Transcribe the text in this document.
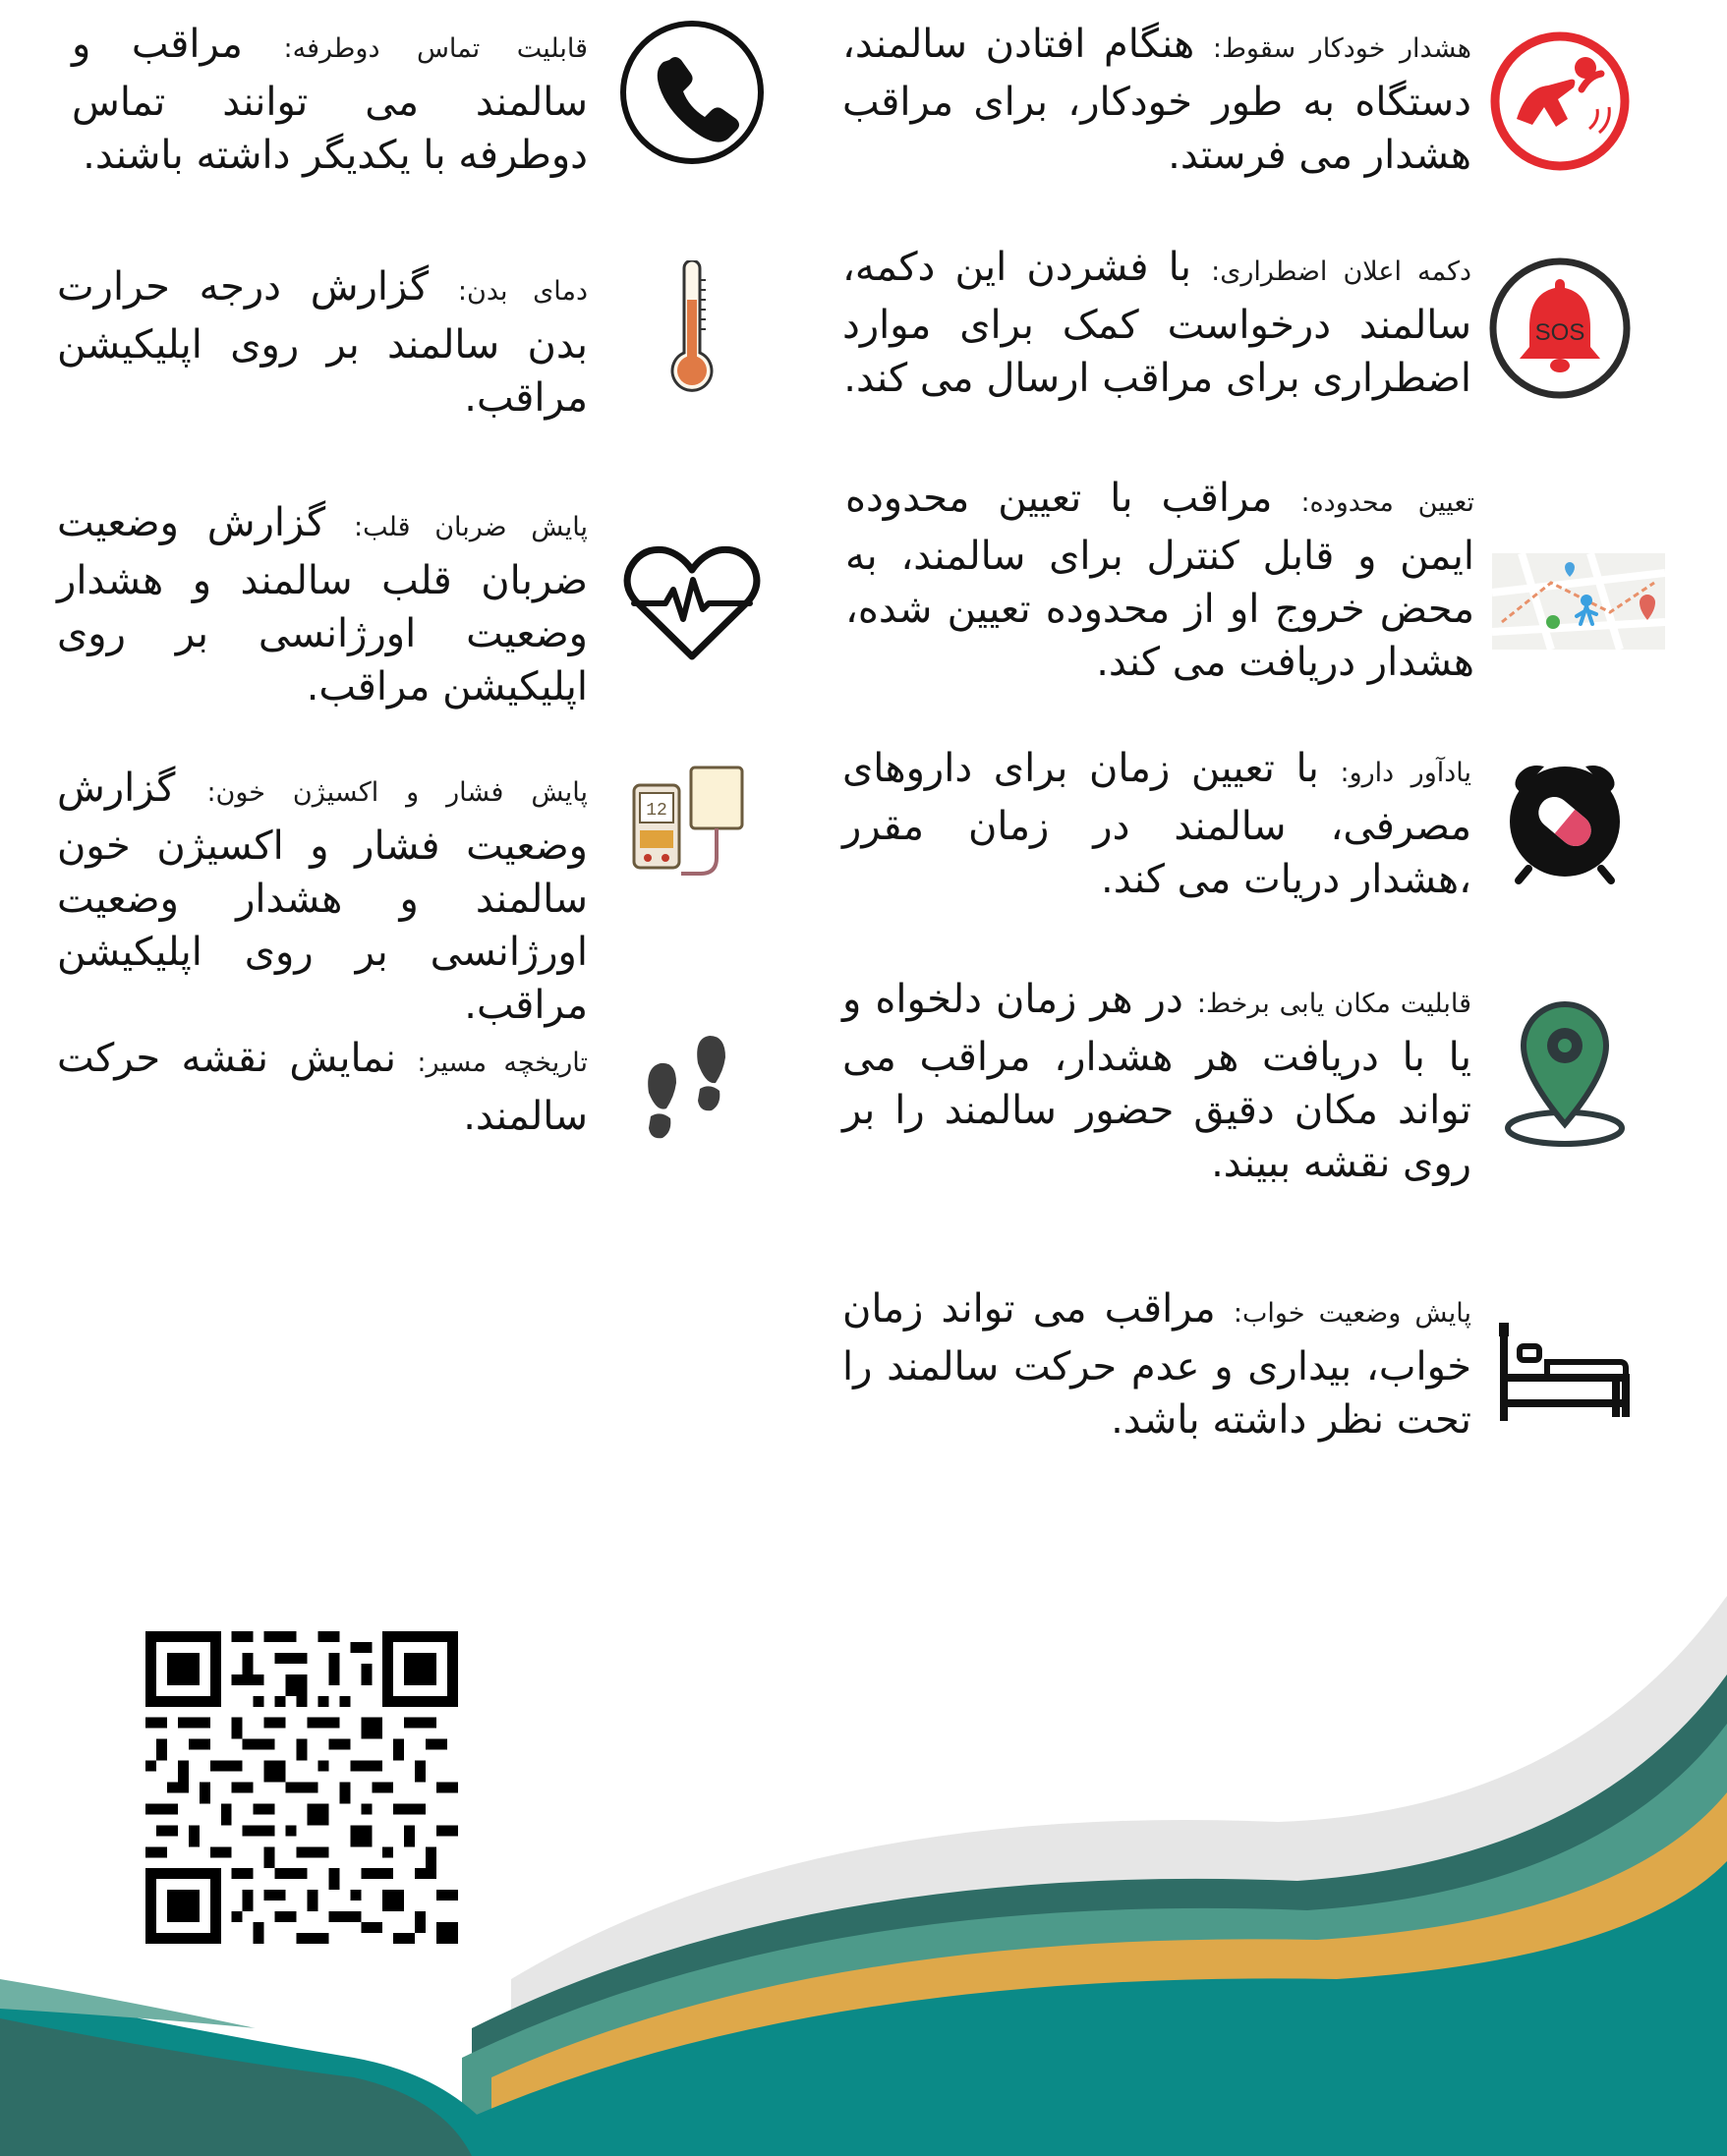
هشدار خودکار سقوط: هنگام افتادن سالمند، دستگاه به طور خودکار، برای مراقب هشدار می فرستد.
SOS
دکمه اعلان اضطراری: با فشردن این دکمه، سالمند درخواست کمک برای موارد اضطراری برای مراقب ارسال می کند.
تعیین محدوده: مراقب با تعیین محدوده ایمن و قابل کنترل برای سالمند، به محض خروج او از محدوده تعیین شده، هشدار دریافت می کند.
یادآور دارو: با تعیین زمان برای داروهای مصرفی، سالمند در زمان مقرر ،هشدار دریات می کند.
قابلیت مکان یابی برخط: در هر زمان دلخواه و یا با دریافت هر هشدار، مراقب می تواند مکان دقیق حضور سالمند را بر روی نقشه ببیند.
پایش وضعیت خواب: مراقب می تواند زمان خواب، بیداری و عدم حرکت سالمند را تحت نظر داشته باشد.
قابلیت تماس دوطرفه: مراقب و سالمند می توانند تماس دوطرفه با یکدیگر داشته باشند.
دمای بدن: گزارش درجه حرارت بدن سالمند بر روی اپلیکیشن مراقب.
پایش ضربان قلب: گزارش وضعیت ضربان قلب سالمند و هشدار وضعیت اورژانسی بر روی اپلیکیشن مراقب.
12
پایش فشار و اکسیژن خون: گزارش وضعیت فشار و اکسیژن خون سالمند و هشدار وضعیت اورژانسی بر روی اپلیکیشن مراقب.
تاریخچه مسیر: نمایش نقشه حرکت سالمند.
